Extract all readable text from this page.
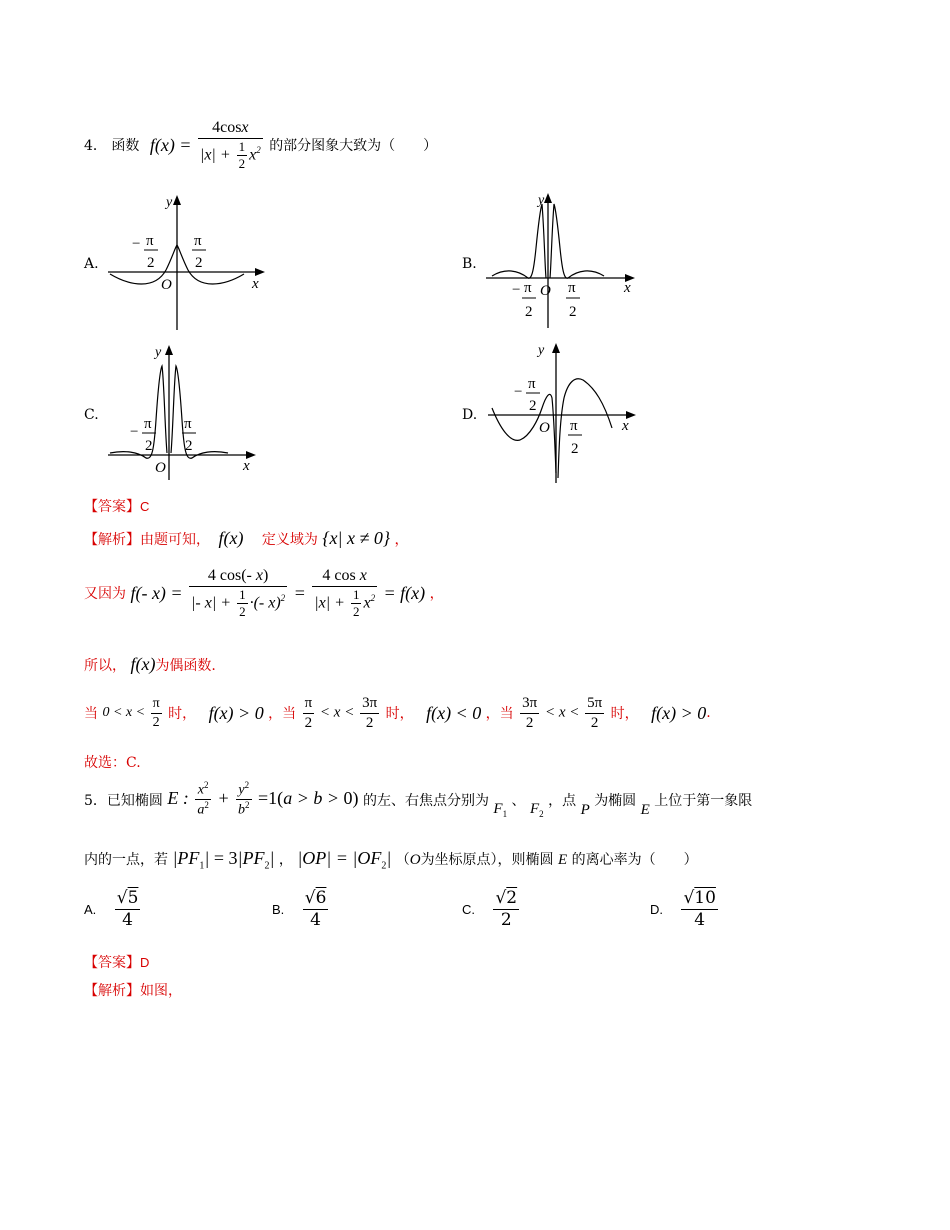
4． 函数 $f(x) = \frac{4\cos x}{|x| + \frac{1}{2} x^2}$ 的部分图象大致为（　　）
A.
y
x
O
− π
2
π
2	B.
y
x
O
− π
2
π
2
C.
y
x
O
− π
2
π
2
D.
y
x
O
− π
2
π
2
【答案】C
【解析】由题可知， f(x) 定义域为 {x| x ≠ 0} ，
又因为 f(- $x) = \frac{4 \cos(- x)}{|- x| + \frac{1}{2} \cdot(- x)^2} = \frac{\text{4 cos x}}{|x| + \frac{1}{2} x^2} = f(x)$ ，
所以， f(x)为偶函数.
当 $0 < x < \frac{\pi}{2}$ 时， f(x) > 0 ，当 $\frac{\pi}{2} < x < \frac{3\pi}{2}$ 时， f(x) < 0 ，当 $\frac{3\pi}{2} < x < \frac{5\pi}{2}$ 时， f(x) > 0.
故选：C.
5．已知椭圆 E : $\frac{x^2}{a^2} + \frac{y^2}{b^2} =1(a > b > 0)$ 的左、右焦点分别为 $F_1$ 、 $F_2$ ，点 P 为椭圆 E 上位于第一象限
内的一点，若 $|PF_1| = 3|PF_2|$ ， $|OP| = |OF_2|$ （O为坐标原点），则椭圆 E 的离心率为（　　）
A. $\frac{√5}{4}$	B. $\frac{√6}{4}$	C. $\frac{√2}{2}$	D. $\frac{√10}{4}$
【答案】D
【解析】如图，
